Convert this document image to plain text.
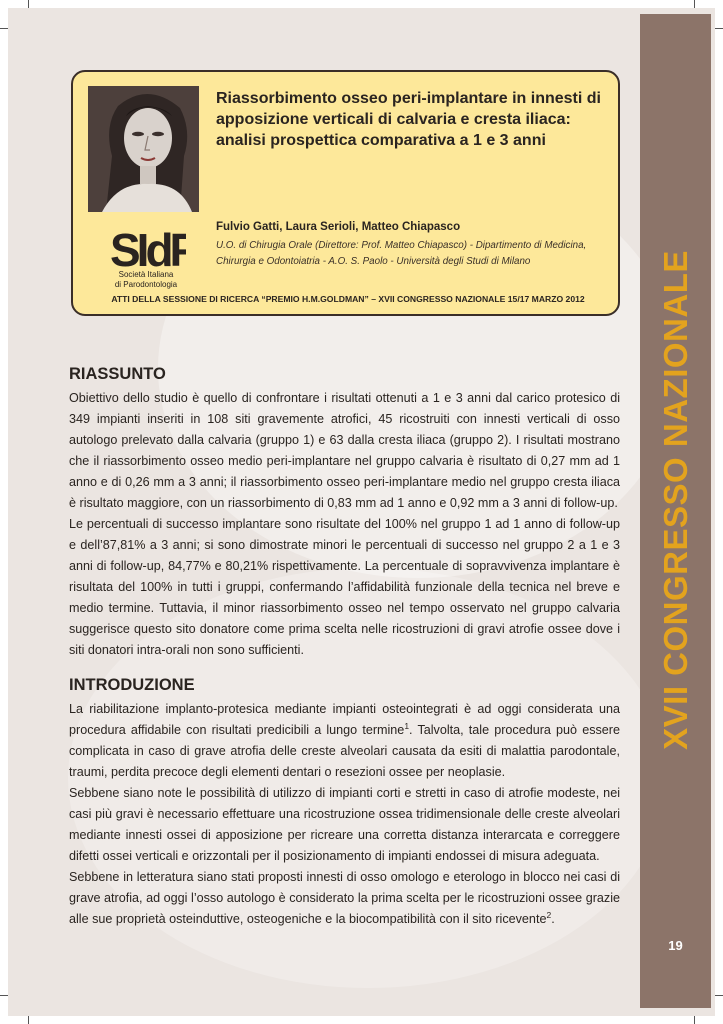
XVII CONGRESSO NAZIONALE
19
SIdP
Società Italiana
di Parodontologia
Riassorbimento osseo peri-implantare in innesti di apposizione verticali di calvaria e cresta iliaca: analisi prospettica comparativa a 1 e 3 anni
Fulvio Gatti, Laura Serioli, Matteo Chiapasco
U.O. di Chirugia Orale (Direttore: Prof. Matteo Chiapasco) - Dipartimento di Medicina, Chirurgia e Odontoiatria - A.O. S. Paolo - Università degli Studi di Milano
ATTI DELLA SESSIONE DI RICERCA “PREMIO H.M.GOLDMAN” – XVII CONGRESSO NAZIONALE 15/17 MARZO 2012
RIASSUNTO

Obiettivo dello studio è quello di confrontare i risultati ottenuti a 1 e 3 anni dal carico protesico di 349 impianti inseriti in 108 siti gravemente atrofici, 45 ricostruiti con innesti verticali di osso autologo prelevato dalla calvaria (gruppo 1) e 63 dalla cresta iliaca (gruppo 2). I risultati mostrano che il riassorbimento osseo medio peri-implantare nel gruppo calvaria è risultato di 0,27 mm ad 1 anno e di 0,26 mm a 3 anni; il riassorbimento osseo peri-implantare medio nel gruppo cresta iliaca è risultato maggiore, con un riassorbimento di 0,83 mm ad 1 anno e 0,92 mm a 3 anni di follow-up.

Le percentuali di successo implantare sono risultate del 100% nel gruppo 1 ad 1 anno di follow-up e dell’87,81% a 3 anni; si sono dimostrate minori le percentuali di successo nel gruppo 2 a 1 e 3 anni di follow-up, 84,77% e 80,21% rispettivamente. La percentuale di sopravvivenza implantare è risultata del 100% in tutti i gruppi, confermando l’affidabilità funzionale della tecnica nel breve e medio termine. Tuttavia, il minor riassorbimento osseo nel tempo osservato nel gruppo calvaria suggerisce questo sito donatore come prima scelta nelle ricostruzioni di gravi atrofie ossee dove i siti donatori intra-orali non sono sufficienti.

INTRODUZIONE

La riabilitazione implanto-protesica mediante impianti osteointegrati è ad oggi considerata una procedura affidabile con risultati predicibili a lungo termine$^1$. Talvolta, tale procedura può essere complicata in caso di grave atrofia delle creste alveolari causata da esiti di malattia parodontale, traumi, perdita precoce degli elementi dentari o resezioni ossee per neoplasie.

Sebbene siano note le possibilità di utilizzo di impianti corti e stretti in caso di atrofie modeste, nei casi più gravi è necessario effettuare una ricostruzione ossea tridimensionale delle creste alveolari mediante innesti ossei di apposizione per ricreare una corretta distanza interarcata e correggere difetti ossei verticali e orizzontali per il posizionamento di impianti endossei di misura adeguata.

Sebbene in letteratura siano stati proposti innesti di osso omologo e eterologo in blocco nei casi di grave atrofia, ad oggi l’osso autologo è considerato la prima scelta per le ricostruzioni ossee grazie alle sue proprietà osteinduttive, osteogeniche e la biocompatibilità con il sito ricevente$^2$.
